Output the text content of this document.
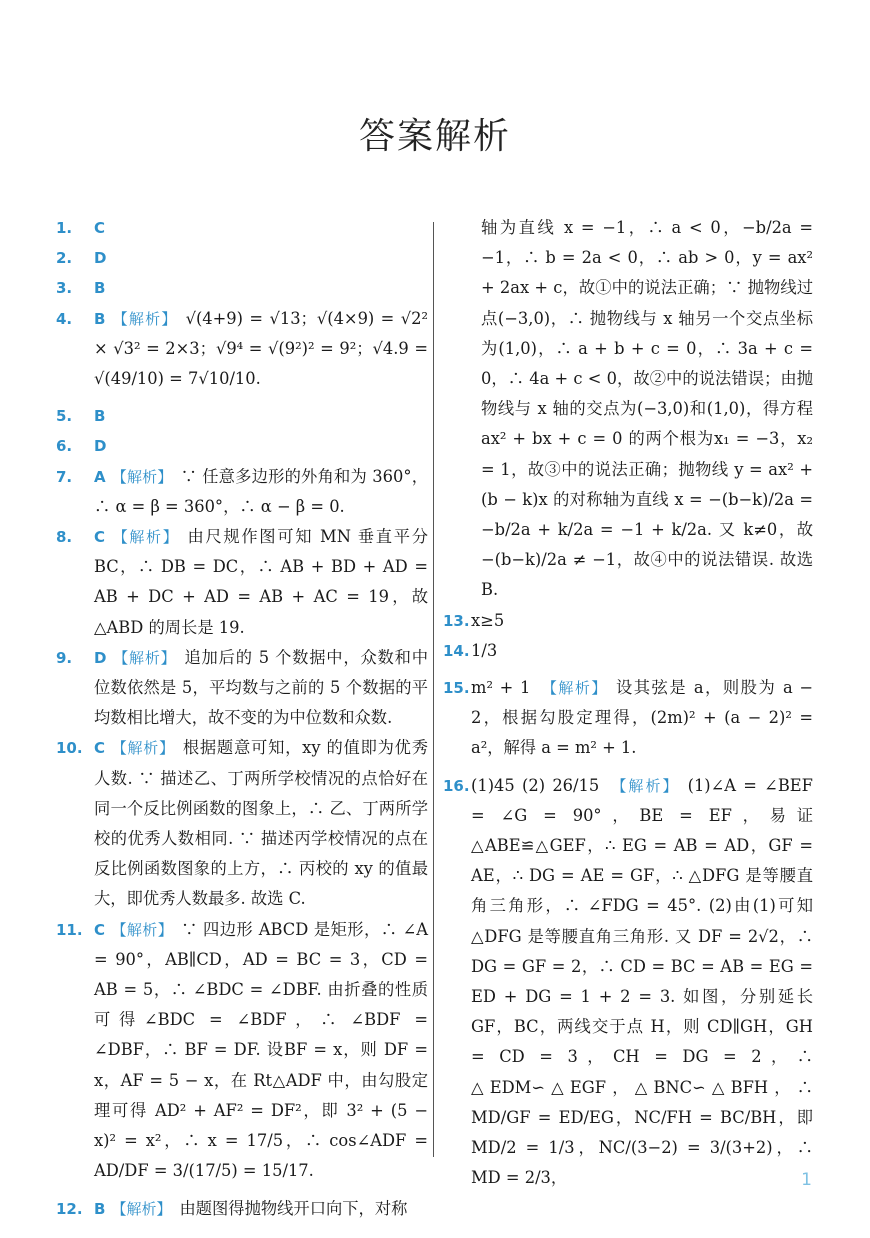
答案解析
1. C
2. D
3. B
4. B 【解析】 √(4+9) = √13；√(4×9) = √2² × √3² = 2×3；√9⁴ = √(9²)² = 9²；√4.9 = √(49/10) = 7√10/10.
5. B
6. D
7. A 【解析】 ∵ 任意多边形的外角和为 360°，∴ α = β = 360°，∴ α − β = 0.
8. C 【解析】 由尺规作图可知 MN 垂直平分 BC，∴ DB = DC，∴ AB + BD + AD = AB + DC + AD = AB + AC = 19，故△ABD 的周长是 19.
9. D 【解析】 追加后的 5 个数据中，众数和中位数依然是 5，平均数与之前的 5 个数据的平均数相比增大，故不变的为中位数和众数.
10. C 【解析】 根据题意可知，xy 的值即为优秀人数. ∵ 描述乙、丁两所学校情况的点恰好在同一个反比例函数的图象上，∴ 乙、丁两所学校的优秀人数相同. ∵ 描述丙学校情况的点在反比例函数图象的上方，∴ 丙校的 xy 的值最大，即优秀人数最多. 故选 C.
11. C 【解析】 ∵ 四边形 ABCD 是矩形，∴ ∠A = 90°，AB∥CD，AD = BC = 3，CD = AB = 5，∴ ∠BDC = ∠DBF. 由折叠的性质可得∠BDC = ∠BDF，∴ ∠BDF = ∠DBF，∴ BF = DF. 设BF = x，则 DF = x，AF = 5 − x，在 Rt△ADF 中，由勾股定理可得 AD² + AF² = DF²，即 3² + (5 − x)² = x²，∴ x = 17/5，∴ cos∠ADF = AD/DF = 3/(17/5) = 15/17.
12. B 【解析】 由题图得抛物线开口向下，对称
轴为直线 x = −1，∴ a < 0，−b/2a = −1，∴ b = 2a < 0，∴ ab > 0，y = ax² + 2ax + c，故①中的说法正确；∵ 抛物线过点(−3,0)，∴ 抛物线与 x 轴另一个交点坐标为(1,0)，∴ a + b + c = 0，∴ 3a + c = 0，∴ 4a + c < 0，故②中的说法错误；由抛物线与 x 轴的交点为(−3,0)和(1,0)，得方程 ax² + bx + c = 0 的两个根为x₁ = −3，x₂ = 1，故③中的说法正确；抛物线 y = ax² + (b − k)x 的对称轴为直线 x = −(b−k)/2a = −b/2a + k/2a = −1 + k/2a. 又 k≠0，故 −(b−k)/2a ≠ −1，故④中的说法错误. 故选 B.
13. x≥5
14. 1/3
15. m² + 1 【解析】 设其弦是 a，则股为 a − 2，根据勾股定理得，(2m)² + (a − 2)² = a²，解得 a = m² + 1.
16. (1)45 (2) 26/15 【解析】 (1)∠A = ∠BEF = ∠G = 90°，BE = EF，易证△ABE≌△GEF，∴ EG = AB = AD，GF = AE，∴ DG = AE = GF，∴ △DFG 是等腰直角三角形，∴ ∠FDG = 45°. (2)由(1)可知△DFG 是等腰直角三角形. 又 DF = 2√2，∴ DG = GF = 2，∴ CD = BC = AB = EG = ED + DG = 1 + 2 = 3. 如图，分别延长 GF，BC，两线交于点 H，则 CD∥GH，GH = CD = 3，CH = DG = 2，∴ △EDM∽△EGF，△BNC∽△BFH，∴ MD/GF = ED/EG，NC/FH = BC/BH，即 MD/2 = 1/3，NC/(3−2) = 3/(3+2)，∴ MD = 2/3，	1
